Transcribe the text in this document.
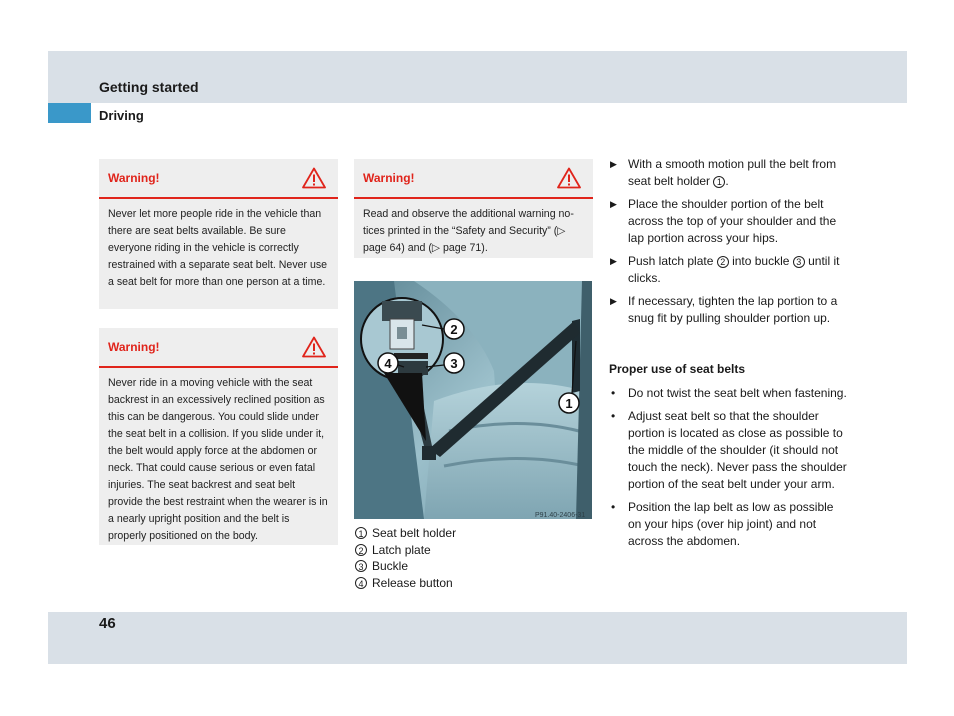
Getting started
Driving
Warning!
Never let more people ride in the vehicle than there are seat belts available. Be sure everyone riding in the vehicle is correctly restrained with a separate seat belt. Never use a seat belt for more than one person at a time.
Warning!
Never ride in a moving vehicle with the seat backrest in an excessively reclined position as this can be dangerous. You could slide under the seat belt in a collision. If you slide under it, the belt would apply force at the abdomen or neck. That could cause serious or even fatal injuries. The seat backrest and seat belt provide the best restraint when the wearer is in a nearly upright position and the belt is properly positioned on the body.
Warning!
Read and observe the additional warning notices printed in the “Safety and Security” (▷ page 64) and (▷ page 71).
2
3
4
1
P91.40-2406-31
1 Seat belt holder
2 Latch plate
3 Buckle
4 Release button
▶ With a smooth motion pull the belt from seat belt holder 1 .
▶ Place the shoulder portion of the belt across the top of your shoulder and the lap portion across your hips.
▶ Push latch plate 2 into buckle 3 until it clicks.
▶ If necessary, tighten the lap portion to a snug fit by pulling shoulder portion up.
Proper use of seat belts
• Do not twist the seat belt when fastening.
• Adjust seat belt so that the shoulder portion is located as close as possible to the middle of the shoulder (it should not touch the neck). Never pass the shoulder portion of the seat belt under your arm.
• Position the lap belt as low as possible on your hips (over hip joint) and not across the abdomen.
46
